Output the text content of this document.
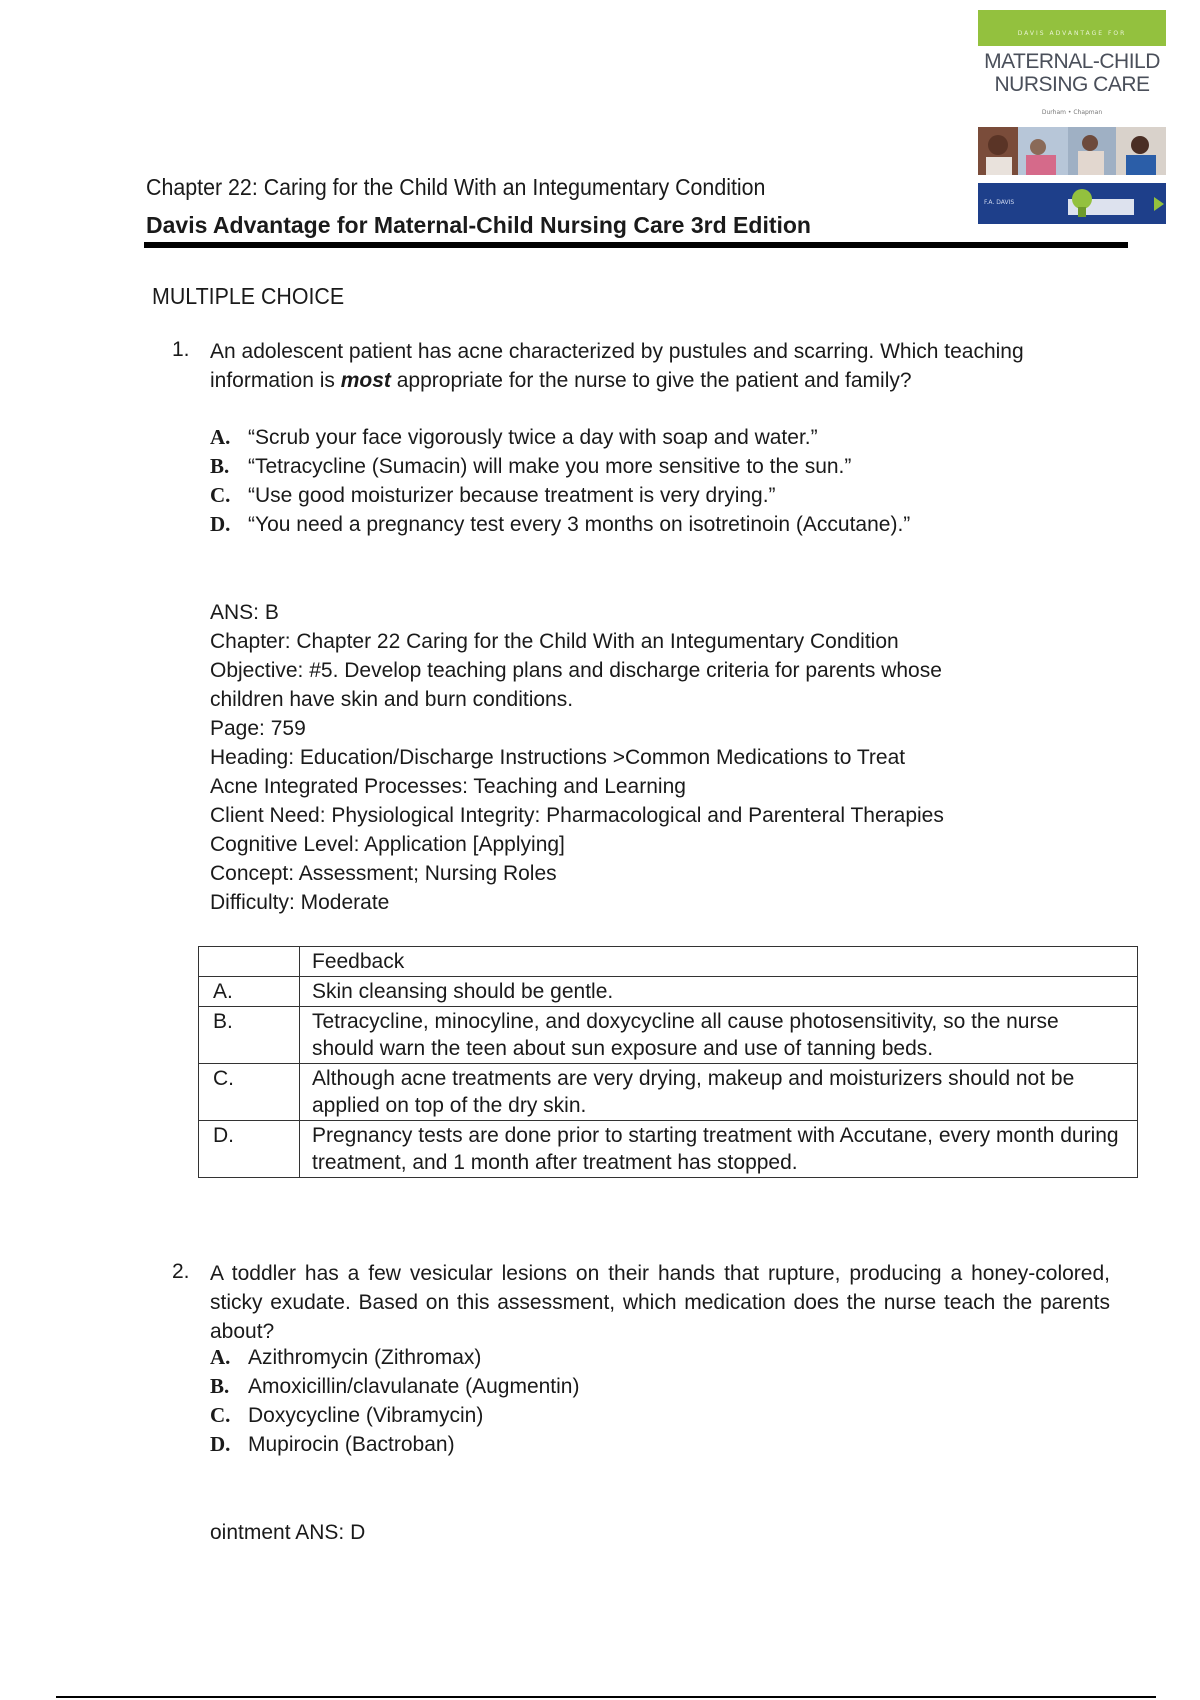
DAVIS ADVANTAGE FOR
MATERNAL-CHILD
NURSING CARE
Durham • Chapman
F.A. DAVIS
Chapter 22: Caring for the Child With an Integumentary Condition
Davis Advantage for Maternal-Child Nursing Care 3rd Edition
MULTIPLE CHOICE
1. An adolescent patient has acne characterized by pustules and scarring. Which teaching information is most appropriate for the nurse to give the patient and family?
A. “Scrub your face vigorously twice a day with soap and water.”
B. “Tetracycline (Sumacin) will make you more sensitive to the sun.”
C. “Use good moisturizer because treatment is very drying.”
D. “You need a pregnancy test every 3 months on isotretinoin (Accutane).”
ANS: B
Chapter: Chapter 22 Caring for the Child With an Integumentary Condition
Objective: #5. Develop teaching plans and discharge criteria for parents whose
children have skin and burn conditions.
Page: 759
Heading: Education/Discharge Instructions >Common Medications to Treat
Acne Integrated Processes: Teaching and Learning
Client Need: Physiological Integrity: Pharmacological and Parenteral Therapies
Cognitive Level: Application [Applying]
Concept: Assessment; Nursing Roles
Difficulty: Moderate
	Feedback
A.	Skin cleansing should be gentle.
B.	Tetracycline, minocyline, and doxycycline all cause photosensitivity, so the nurse should warn the teen about sun exposure and use of tanning beds.
C.	Although acne treatments are very drying, makeup and moisturizers should not be applied on top of the dry skin.
D.	Pregnancy tests are done prior to starting treatment with Accutane, every month during treatment, and 1 month after treatment has stopped.
2. A toddler has a few vesicular lesions on their hands that rupture, producing a honey-colored, sticky exudate. Based on this assessment, which medication does the nurse teach the parents about?
A. Azithromycin (Zithromax)
B. Amoxicillin/clavulanate (Augmentin)
C. Doxycycline (Vibramycin)
D. Mupirocin (Bactroban)
ointment ANS: D
